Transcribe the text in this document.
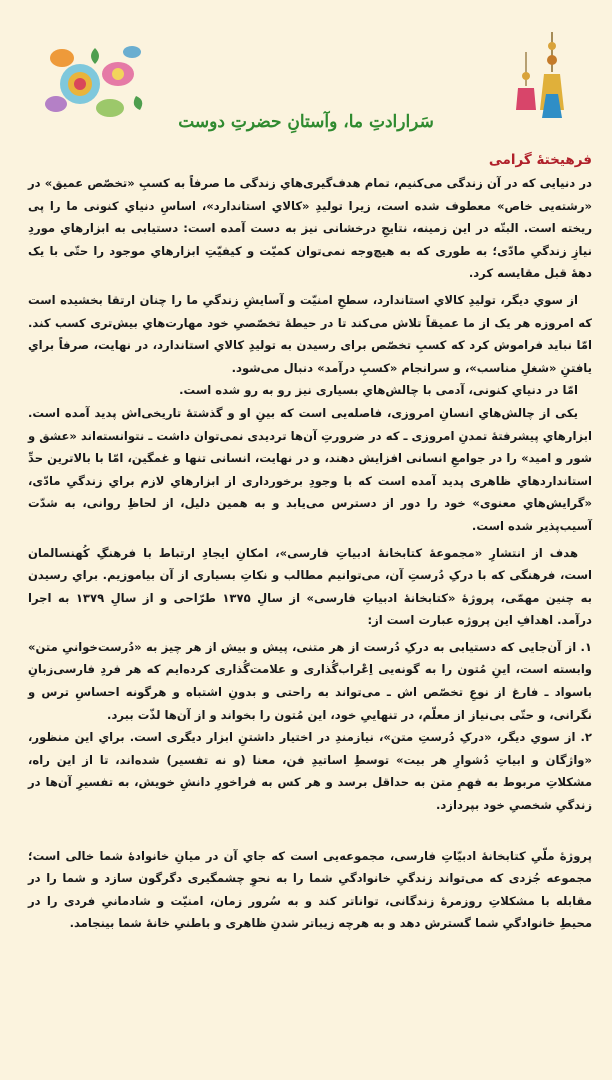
سَرارادتِ ما، وآستانِ حضرتِ دوست

فرهیختهٔ گرامی

در دنیایی که در آن زندگی می‌کنیم، تمام هدف‌گیری‌هایِ زندگی ما صرفاً به کسبِ «تخصّص عمیق» در «رشته‌یی خاص» معطوف شده است، زیرا تولیدِ «کالایِ استاندارد»، اساسِ دنیایِ کنونی ما را پی ریخته است. البتّه در این زمینه، نتایجِ درخشانی نیز به دست آمده است: دستیابی به ابزارهایِ موردِ نیازِ زندگیِ مادّی؛ به طوری که به هیچ‌وجه نمی‌توان کمیّت و کیفیّتِ ابزارهایِ موجود را حتّی با یک دههٔ قبل مقایسه کرد.

از سویِ دیگر، تولیدِ کالایِ استاندارد، سطحِ امنیّت و آسایشِ زندگیِ ما را چنان ارتقا بخشیده است که امروزه هر یک از ما عمیقاً تلاش می‌کند تا در حیطهٔ تخصّصیِ خود مهارت‌هایِ بیش‌تری کسب کند. امّا نباید فراموش کرد که کسبِ تخصّص برای رسیدن به تولیدِ کالایِ استاندارد، در نهایت، صرفاً برایِ یافتنِ «شغلِ مناسب»، و سرانجام «کسبِ درآمد» دنبال می‌شود.

امّا در دنیایِ کنونی، آدمی با چالش‌هایِ بسیاری نیز رو به رو شده است.

یکی از چالش‌هایِ انسانِ امروزی، فاصله‌یی است که بینِ او و گذشتهٔ تاریخی‌اش پدید آمده است. ابزارهایِ پیشرفتهٔ تمدنِ امروزی ـ که در ضرورتِ آن‌ها تردیدی نمی‌توان داشت ـ نتوانسته‌اند «عشق و شور و امید» را در جوامعِ انسانی افزایش دهند، و در نهایت، انسانی تنها و غمگین، امّا با بالاترین حدِّ استانداردهایِ ظاهری پدید آمده است که با وجودِ برخورداری از ابزارهایِ لازم برایِ زندگیِ مادّی، «گرایش‌هایِ معنوی» خود را دور از دسترس می‌یابد و به همین دلیل، از لحاظِ روانی، به شدّت آسیب‌پذیر شده است.

هدف از انتشارِ «مجموعهٔ کتابخانهٔ ادبیاتِ فارسی»، امکانِ ایجادِ ارتباط با فرهنگِ کُهنسالمان است، فرهنگی که با درکِ دُرستِ آن، می‌توانیم مطالب و نکاتِ بسیاری از آن بیاموزیم. برایِ رسیدن به چنین مهمّی، پروژهٔ «کتابخانهٔ ادبیاتِ فارسی» از سالِ ۱۳۷۵ طرّاحی و از سالِ ۱۳۷۹ به اجرا درآمد. اهدافِ این پروژه عبارت است از:

۱. از آن‌جایی که دستیابی به درکِ دُرست از هر متنی، پیش و بیش از هر چیز به «دُرست‌خوانیِ متن» وابسته است، اینِ مُتون را به گونه‌یی اِعْراب‌گُذاری و علامت‌گُذاری کرده‌ایم که هر فردِ فارسی‌زبانِ باسواد ـ فارغ از نوعِ تخصّص اش ـ می‌تواند به راحتی و بدونِ اشتباه و هرگونه احساسِ ترس و نگرانی، و حتّی بی‌نیاز از معلّم، در تنهاییِ خود، این مُتون را بخواند و از آن‌ها لذّت ببرد.

۲. از سویِ دیگر، «درکِ دُرستِ متن»، نیازمندِ در اختیار داشتنِ ابزار دیگری است. برایِ این منظور، «واژگان و ابیاتِ دُشوارِ هر بیت» توسطِ اساتیدِ فن، معنا (و نه تفسیر) شده‌اند، تا از این راه، مشکلاتِ مربوط به فهمِ متن به حداقل برسد و هر کس به فراخورِ دانشِ خویش، به تفسیرِ آن‌ها در زندگیِ شخصیِ خود بپردازد.

پروژهٔ ملّیِ کتابخانهٔ ادبیّاتِ فارسی، مجموعه‌یی است که جایِ آن در میانِ خانوادهٔ شما خالی است؛ مجموعه جُزدی که می‌تواند زندگیِ خانوادگیِ شما را به نحوِ چشمگیری دگرگون سازد و شما را در مقابله با مشکلاتِ روزمرهٔ زندگانی، توانا‌تر کند و به سُرور زمان، امنیّت و شادمانیِ فردی را در محیطِ خانوادگیِ شما گسترش دهد و به هرچه زیباتر شدنِ ظاهری و باطنیِ خانهٔ شما بینجامد.
